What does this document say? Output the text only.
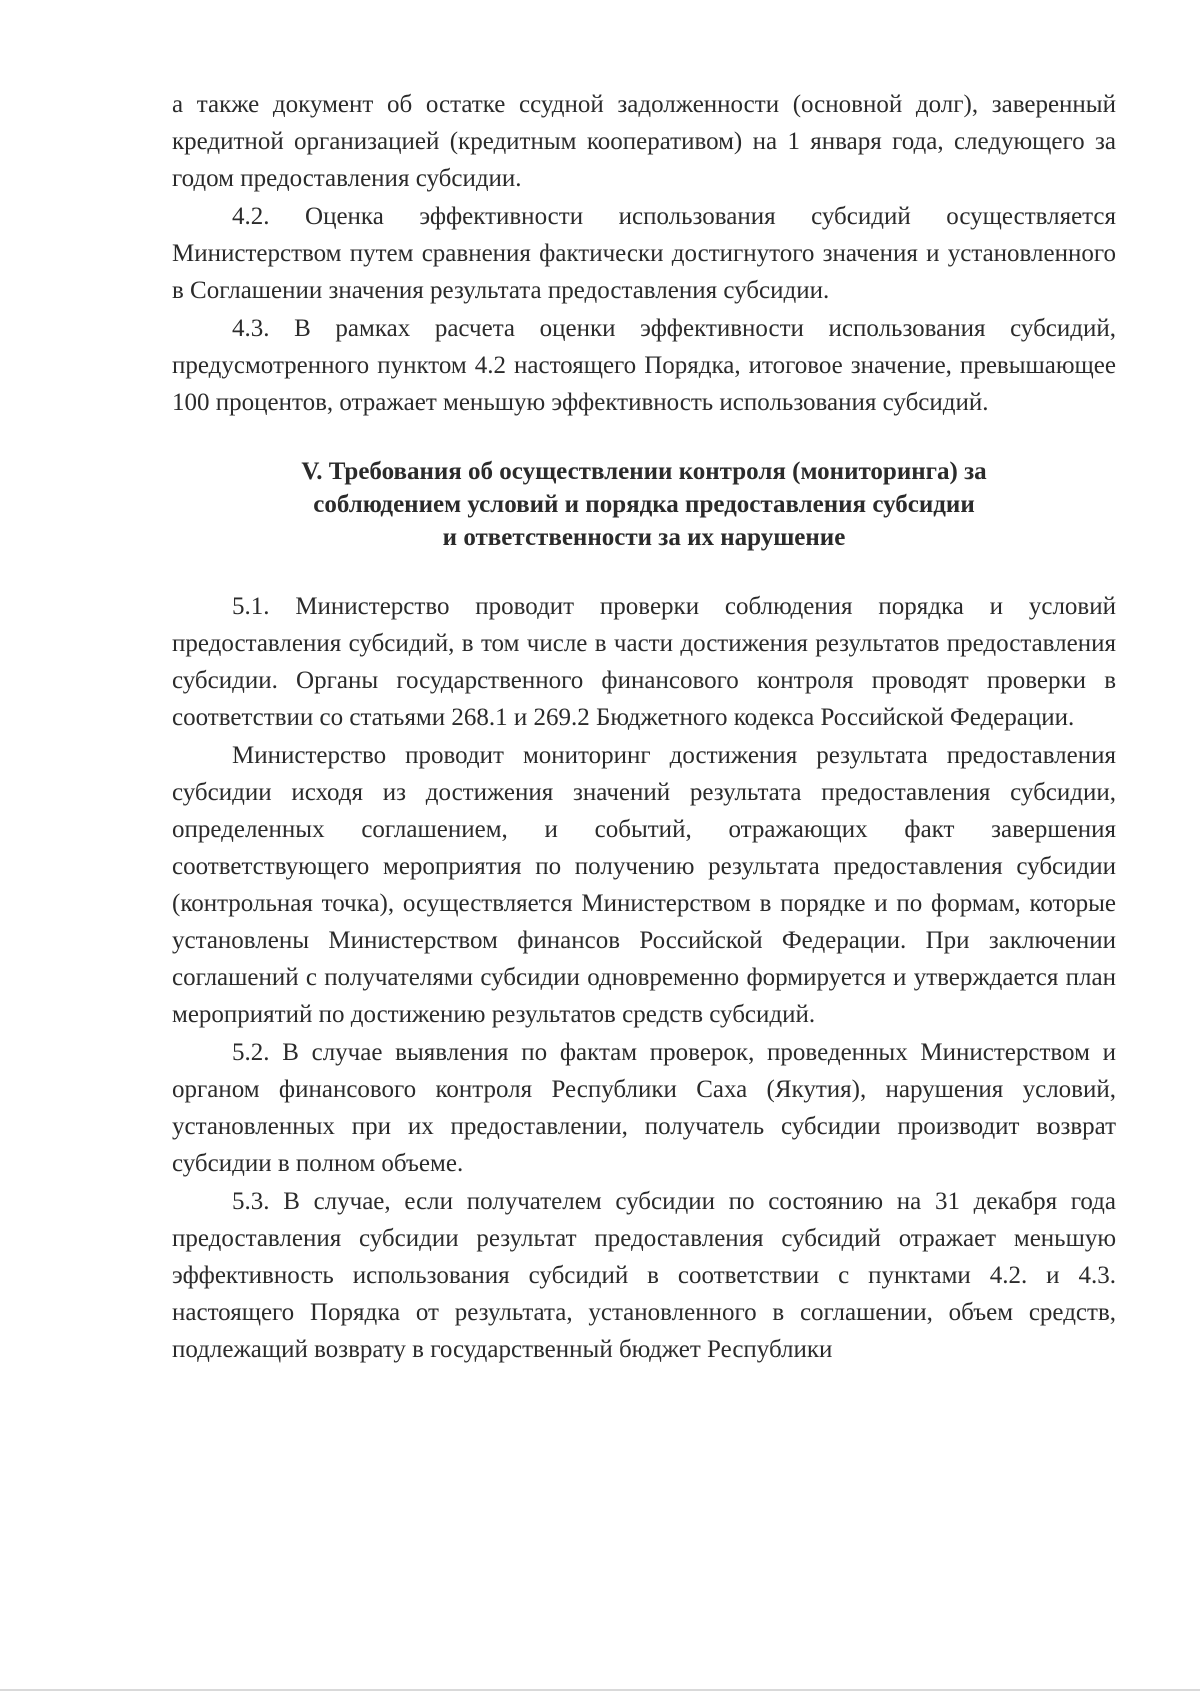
а также документ об остатке ссудной задолженности (основной долг), заверенный кредитной организацией (кредитным кооперативом) на 1 января года, следующего за годом предоставления субсидии.

4.2. Оценка эффективности использования субсидий осуществляется Министерством путем сравнения фактически достигнутого значения и установленного в Соглашении значения результата предоставления субсидии.

4.3. В рамках расчета оценки эффективности использования субсидий, предусмотренного пунктом 4.2 настоящего Порядка, итоговое значение, превышающее 100 процентов, отражает меньшую эффективность использования субсидий.

V. Требования об осуществлении контроля (мониторинга) за
соблюдением условий и порядка предоставления субсидии
и ответственности за их нарушение

5.1. Министерство проводит проверки соблюдения порядка и условий предоставления субсидий, в том числе в части достижения результатов предоставления субсидии. Органы государственного финансового контроля проводят проверки в соответствии со статьями 268.1 и 269.2 Бюджетного кодекса Российской Федерации.

Министерство проводит мониторинг достижения результата предоставления субсидии исходя из достижения значений результата предоставления субсидии, определенных соглашением, и событий, отражающих факт завершения соответствующего мероприятия по получению результата предоставления субсидии (контрольная точка), осуществляется Министерством в порядке и по формам, которые установлены Министерством финансов Российской Федерации. При заключении соглашений с получателями субсидии одновременно формируется и утверждается план мероприятий по достижению результатов средств субсидий.

5.2. В случае выявления по фактам проверок, проведенных Министерством и органом финансового контроля Республики Саха (Якутия), нарушения условий, установленных при их предоставлении, получатель субсидии производит возврат субсидии в полном объеме.

5.3. В случае, если получателем субсидии по состоянию на 31 декабря года предоставления субсидии результат предоставления субсидий отражает меньшую эффективность использования субсидий в соответствии с пунктами 4.2. и 4.3. настоящего Порядка от результата, установленного в соглашении, объем средств, подлежащий возврату в государственный бюджет Республики
